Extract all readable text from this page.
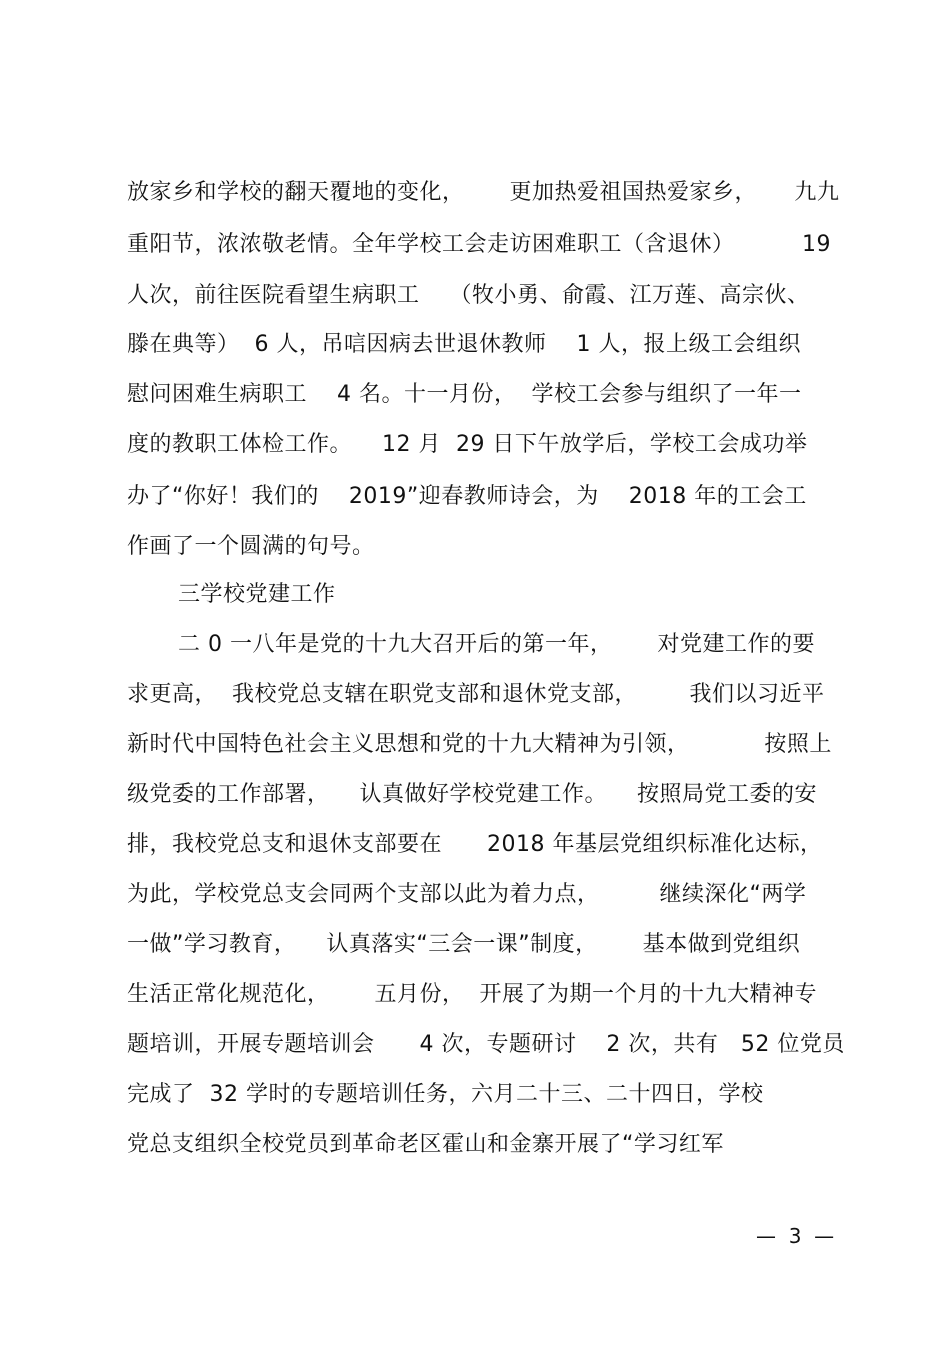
放家乡和学校的翻天覆地的变化，      更加热爱祖国热爱家乡，     九九
重阳节，浓浓敬老情。全年学校工会走访困难职工（含退休）         19
人次，前往医院看望生病职工    （牧小勇、俞霞、江万莲、高宗伙、
滕在典等）  6 人，吊唁因病去世退休教师    1 人，报上级工会组织
慰问困难生病职工    4 名。十一月份，  学校工会参与组织了一年一
度的教职工体检工作。    12 月  29 日下午放学后，学校工会成功举
办了“你好！我们的    2019”迎春教师诗会，为    2018 年的工会工
作画了一个圆满的句号。
三学校党建工作
二 0 一八年是党的十九大召开后的第一年，      对党建工作的要
求更高，  我校党总支辖在职党支部和退休党支部，       我们以习近平
新时代中国特色社会主义思想和党的十九大精神为引领，          按照上
级党委的工作部署，    认真做好学校党建工作。    按照局党工委的安
排，我校党总支和退休支部要在      2018 年基层党组织标准化达标，
为此，学校党总支会同两个支部以此为着力点，        继续深化“两学
一做”学习教育，    认真落实“三会一课”制度，      基本做到党组织
生活正常化规范化，      五月份，  开展了为期一个月的十九大精神专
题培训，开展专题培训会      4 次，专题研讨    2 次，共有   52 位党员
完成了  32 学时的专题培训任务，六月二十三、二十四日，学校
党总支组织全校党员到革命老区霍山和金寨开展了“学习红军
—  3  —
